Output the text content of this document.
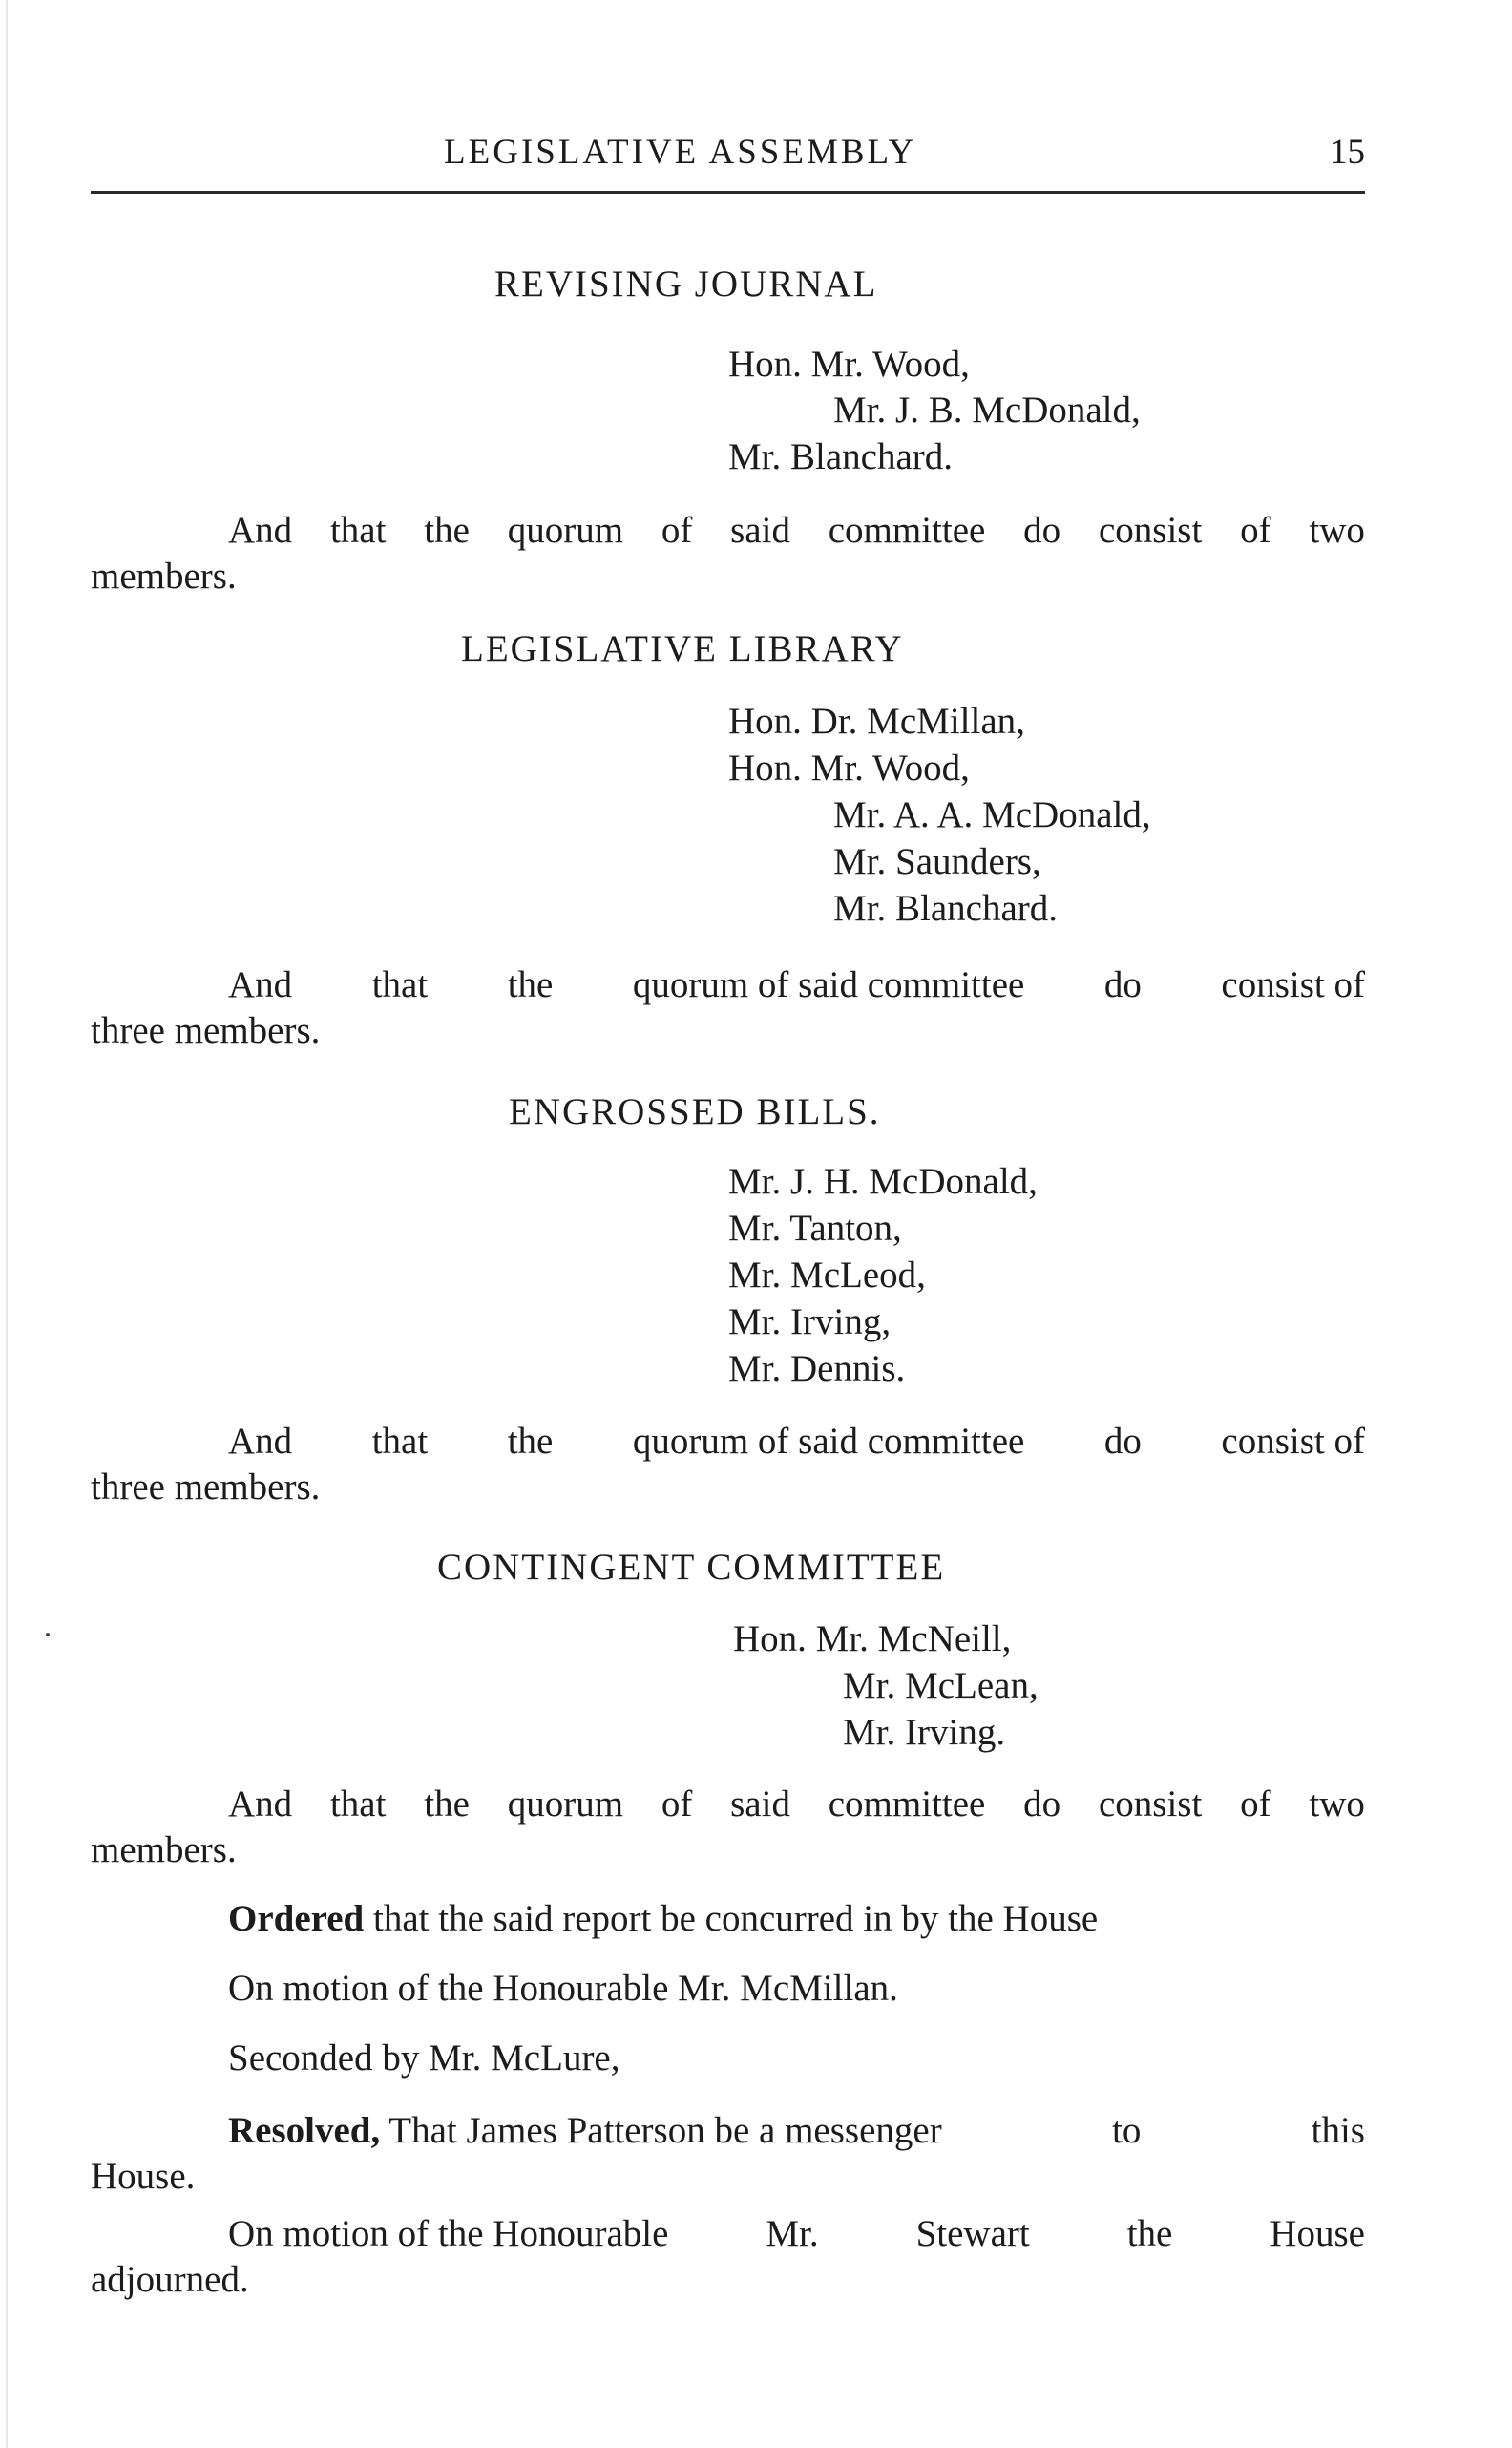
LEGISLATIVE ASSEMBLY	15
REVISING JOURNAL
Hon. Mr. Wood,
Mr. J. B. McDonald,
Mr. Blanchard.
And that the quorum of said committee do consist of two
members.
LEGISLATIVE LIBRARY
Hon. Dr. McMillan,
Hon. Mr. Wood,
Mr. A. A. McDonald,
Mr. Saunders,
Mr. Blanchard.
And that the quorum of said committee do consist of
three members.
ENGROSSED BILLS.
Mr. J. H. McDonald,
Mr. Tanton,
Mr. McLeod,
Mr. Irving,
Mr. Dennis.
And that the quorum of said committee do consist of
three members.
CONTINGENT COMMITTEE
Hon. Mr. McNeill,
Mr. McLean,
Mr. Irving.
And that the quorum of said committee do consist of two
members.
Ordered that the said report be concurred in by the House
On motion of the Honourable Mr. McMillan.
Seconded by Mr. McLure,
Resolved, That James Patterson be a messenger	to	this
House.
On motion of the Honourable	Mr.	Stewart	the	House
adjourned.
